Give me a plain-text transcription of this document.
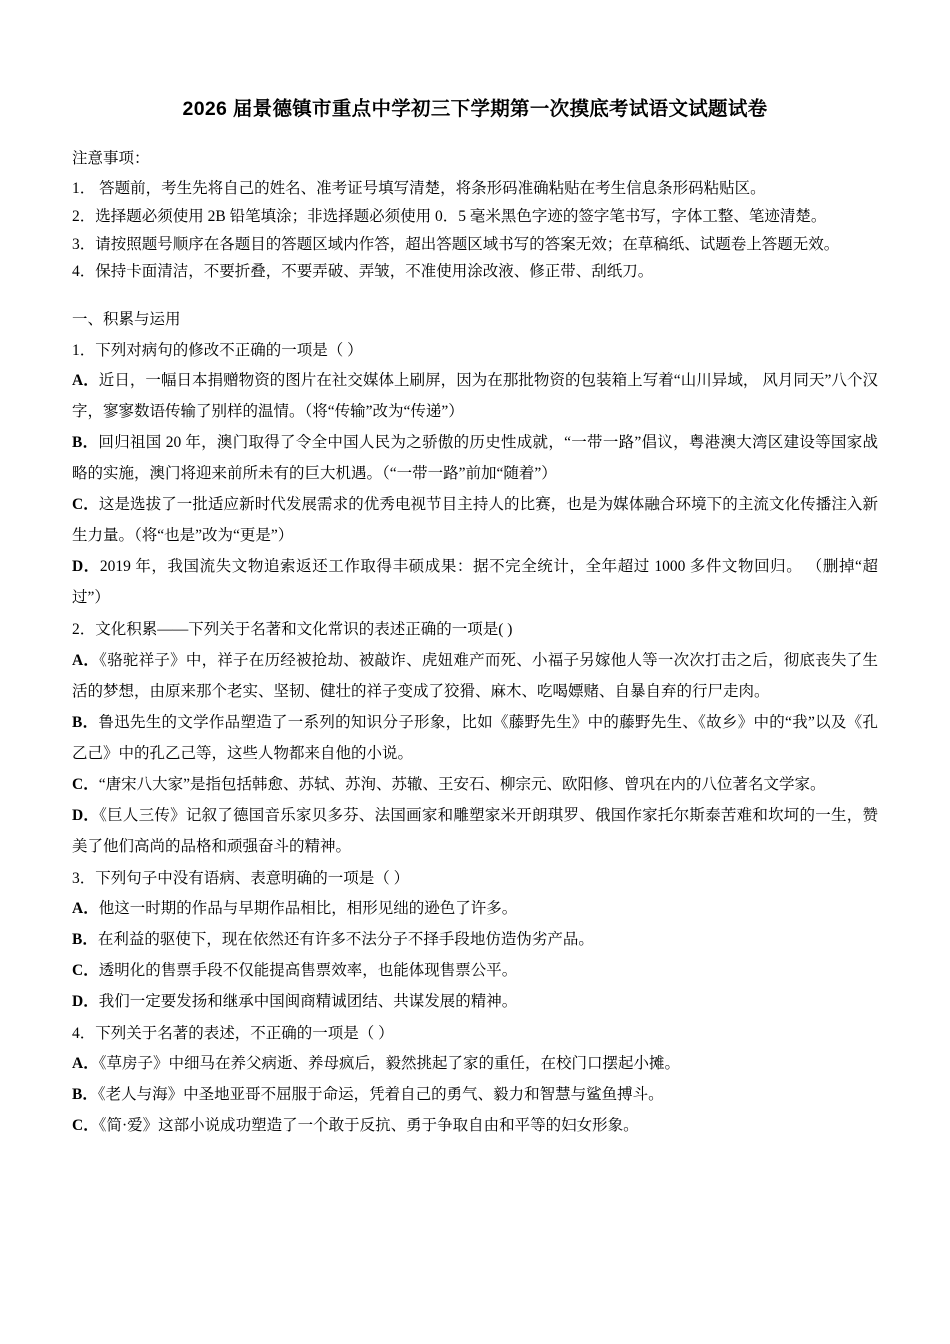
2026 届景德镇市重点中学初三下学期第一次摸底考试语文试题试卷

注意事项：

1． 答题前，考生先将自己的姓名、准考证号填写清楚，将条形码准确粘贴在考生信息条形码粘贴区。

2．选择题必须使用 2B 铅笔填涂；非选择题必须使用 0．5 毫米黑色字迹的签字笔书写，字体工整、笔迹清楚。

3．请按照题号顺序在各题目的答题区域内作答，超出答题区域书写的答案无效；在草稿纸、试题卷上答题无效。

4．保持卡面清洁，不要折叠，不要弄破、弄皱，不准使用涂改液、修正带、刮纸刀。

一、积累与运用

1．下列对病句的修改不正确的一项是（ ）

A．近日，一幅日本捐赠物资的图片在社交媒体上刷屏，因为在那批物资的包装箱上写着“山川异域， 风月同天”八个汉字，寥寥数语传输了别样的温情。（将“传输”改为“传递”）

B．回归祖国 20 年，澳门取得了令全中国人民为之骄傲的历史性成就，“一带一路”倡议，粤港澳大湾区建设等国家战略的实施，澳门将迎来前所未有的巨大机遇。（“一带一路”前加“随着”）

C．这是选拔了一批适应新时代发展需求的优秀电视节目主持人的比赛，也是为媒体融合环境下的主流文化传播注入新生力量。（将“也是”改为“更是”）

D．2019 年，我国流失文物追索返还工作取得丰硕成果：据不完全统计，全年超过 1000 多件文物回归。 （删掉“超过”）

2．文化积累——下列关于名著和文化常识的表述正确的一项是( )

A．《骆驼祥子》中，祥子在历经被抢劫、被敲诈、虎妞难产而死、小福子另嫁他人等一次次打击之后，彻底丧失了生活的梦想，由原来那个老实、坚韧、健壮的祥子变成了狡猾、麻木、吃喝嫖赌、自暴自弃的行尸走肉。

B．鲁迅先生的文学作品塑造了一系列的知识分子形象，比如《藤野先生》中的藤野先生、《故乡》中的“我”以及《孔乙己》中的孔乙己等，这些人物都来自他的小说。

C．“唐宋八大家”是指包括韩愈、苏轼、苏洵、苏辙、王安石、柳宗元、欧阳修、曾巩在内的八位著名文学家。

D．《巨人三传》记叙了德国音乐家贝多芬、法国画家和雕塑家米开朗琪罗、俄国作家托尔斯泰苦难和坎坷的一生，赞美了他们高尚的品格和顽强奋斗的精神。

3．下列句子中没有语病、表意明确的一项是（ ）

A．他这一时期的作品与早期作品相比，相形见绌的逊色了许多。

B．在利益的驱使下，现在依然还有许多不法分子不择手段地仿造伪劣产品。

C．透明化的售票手段不仅能提高售票效率，也能体现售票公平。

D．我们一定要发扬和继承中国闽商精诚团结、共谋发展的精神。

4．下列关于名著的表述，不正确的一项是（ ）

A．《草房子》中细马在养父病逝、养母疯后，毅然挑起了家的重任，在校门口摆起小摊。

B．《老人与海》中圣地亚哥不屈服于命运，凭着自己的勇气、毅力和智慧与鲨鱼搏斗。

C．《简·爱》这部小说成功塑造了一个敢于反抗、勇于争取自由和平等的妇女形象。
